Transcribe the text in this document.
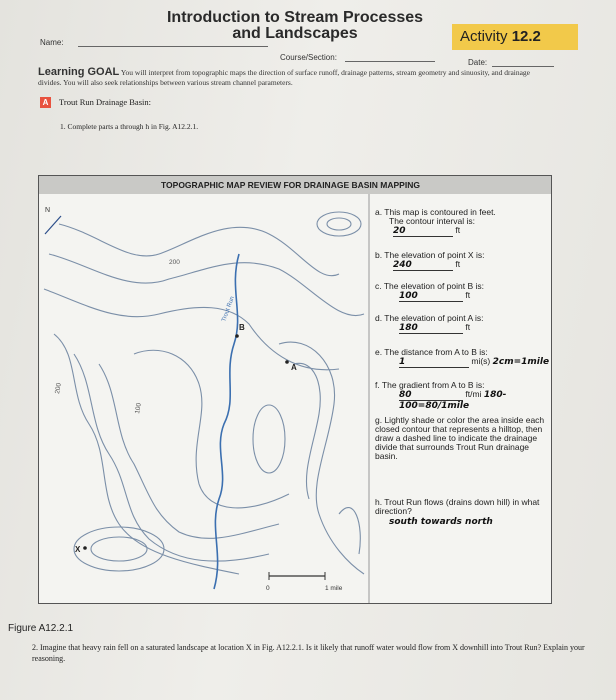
Introduction to Stream Processes
and Landscapes	Activity 12.2
Name:
Course/Section:
Date:
Learning GOAL You will interpret from topographic maps the direction of surface runoff, drainage patterns, stream geometry and sinuosity, and drainage divides. You will also seek relationships between various stream channel parameters.
A Trout Run Drainage Basin:
1. Complete parts a through h in Fig. A12.2.1.
TOPOGRAPHIC MAP REVIEW FOR DRAINAGE BASIN MAPPING
N
200
200
100
Trout Run
B
A
X
0	1 mile
a. This map is contoured in feet.
The contour interval is:
20	ft
b. The elevation of point X is:
240	ft
c. The elevation of point B is:
100	ft
d. The elevation of point A is:
180	ft
e. The distance from A to B is:
1	mi(s) 2cm=1mile
f. The gradient from A to B is:
80	ft/mi 180-100=80/1mile
g. Lightly shade or color the area inside each closed contour that represents a hilltop, then draw a dashed line to indicate the drainage divide that surrounds Trout Run drainage basin.
h. Trout Run flows (drains down hill) in what direction?
south towards north
Figure A12.2.1
2. Imagine that heavy rain fell on a saturated landscape at location X in Fig. A12.2.1. Is it likely that runoff water would flow from X downhill into Trout Run? Explain your reasoning.
